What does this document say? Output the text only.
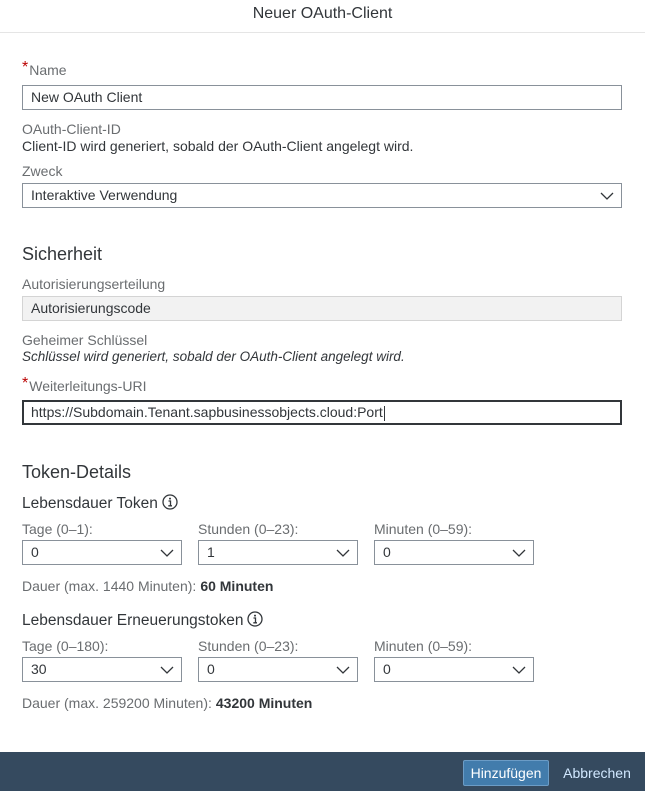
Neuer OAuth-Client
*Name
New OAuth Client
OAuth-Client-ID
Client-ID wird generiert, sobald der OAuth-Client angelegt wird.
Zweck
Interaktive Verwendung
Sicherheit
Autorisierungserteilung
Autorisierungscode
Geheimer Schlüssel
Schlüssel wird generiert, sobald der OAuth-Client angelegt wird.
*Weiterleitungs-URI
https://Subdomain.Tenant.sapbusinessobjects.cloud:Port
Token-Details
Lebensdauer Token
Tage (0–1):
0
Stunden (0–23):
1
Minuten (0–59):
0
Dauer (max. 1440 Minuten): 60 Minuten
Lebensdauer Erneuerungstoken
Tage (0–180):
30
Stunden (0–23):
0
Minuten (0–59):
0
Dauer (max. 259200 Minuten): 43200 Minuten
Hinzufügen	Abbrechen
